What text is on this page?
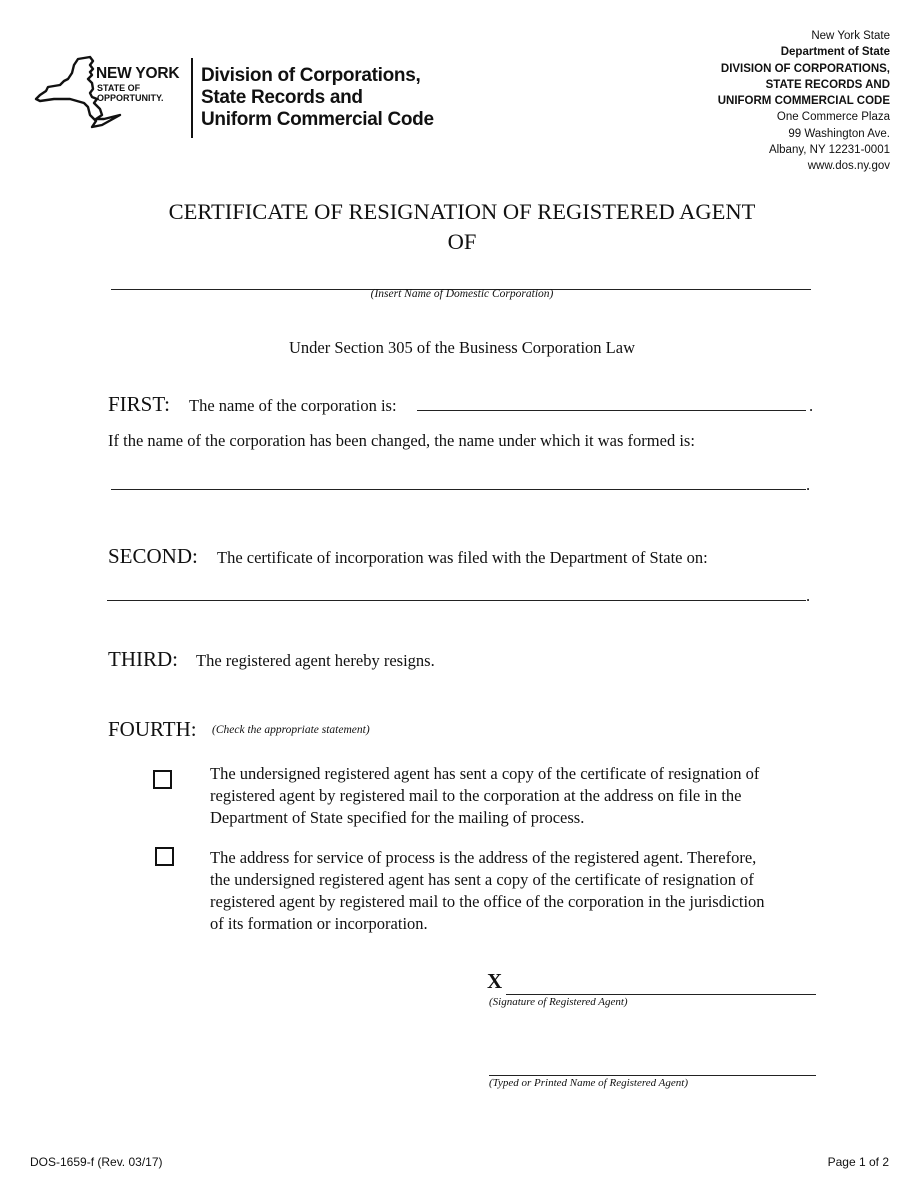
NEW YORK
STATE OF
OPPORTUNITY.
Division of Corporations,
State Records and
Uniform Commercial Code
New York State
Department of State
DIVISION OF CORPORATIONS,
STATE RECORDS AND
UNIFORM COMMERCIAL CODE
One Commerce Plaza
99 Washington Ave.
Albany, NY 12231-0001
www.dos.ny.gov
CERTIFICATE OF RESIGNATION OF REGISTERED AGENT
OF
(Insert Name of Domestic Corporation)
Under Section 305 of the Business Corporation Law
FIRST: The name of the corporation is:	.
If the name of the corporation has been changed, the name under which it was formed is:
.
SECOND: The certificate of incorporation was filed with the Department of State on:
.
THIRD: The registered agent hereby resigns.
FOURTH: (Check the appropriate statement)
The undersigned registered agent has sent a copy of the certificate of resignation of
registered agent by registered mail to the corporation at the address on file in the
Department of State specified for the mailing of process.
The address for service of process is the address of the registered agent. Therefore,
the undersigned registered agent has sent a copy of the certificate of resignation of
registered agent by registered mail to the office of the corporation in the jurisdiction
of its formation or incorporation.
X
(Signature of Registered Agent)
(Typed or Printed Name of Registered Agent)
DOS-1659-f (Rev. 03/17)	Page 1 of 2
